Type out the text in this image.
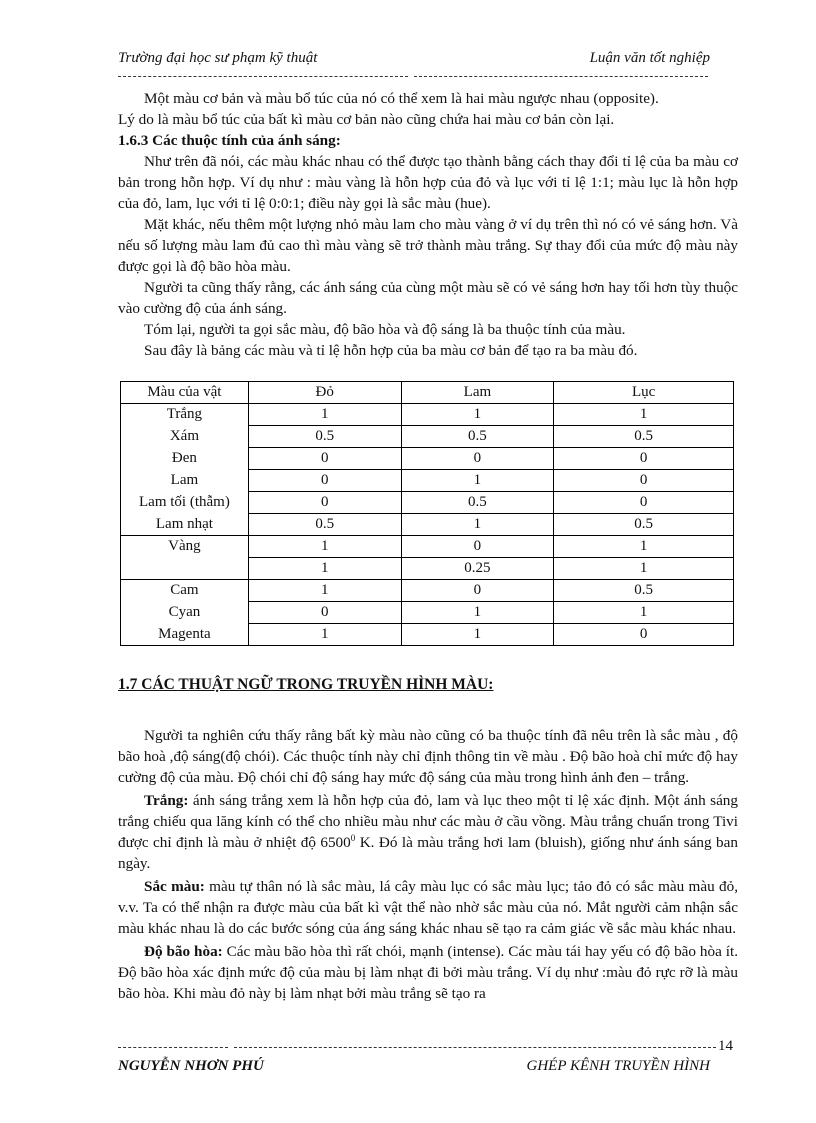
Trường đại học sư phạm kỹ thuật	Luận văn tốt nghiệp

Một màu cơ bản và màu bổ túc của nó có thể xem là hai màu ngược nhau (opposite).

Lý do là màu bổ túc của bất kì màu cơ bản nào cũng chứa hai màu cơ bản còn lại.

1.6.3 Các thuộc tính của ánh sáng:

Như trên đã nói, các màu khác nhau có thể được tạo thành bằng cách thay đổi tỉ lệ của ba màu cơ bản trong hỗn hợp. Ví dụ như : màu vàng là hỗn hợp của đỏ và lục với tỉ lệ 1:1; màu lục là hỗn hợp của đỏ, lam, lục với tỉ lệ 0:0:1; điều này gọi là sắc màu (hue).

Mặt khác, nếu thêm một lượng nhỏ màu lam cho màu vàng ở ví dụ trên thì nó có vẻ sáng hơn. Và nếu số lượng màu lam đủ cao thì màu vàng sẽ trở thành màu trắng. Sự thay đổi của mức độ màu này được gọi là độ bão hòa màu.

Người ta cũng thấy rằng, các ánh sáng của cùng một màu sẽ có vẻ sáng hơn hay tối hơn tùy thuộc vào cường độ của ánh sáng.

Tóm lại, người ta gọi sắc màu, độ bão hòa và độ sáng là ba thuộc tính của màu.

Sau đây là bảng các màu và tỉ lệ hỗn hợp của ba màu cơ bản để tạo ra ba màu đó.

Màu của vật	Đỏ	Lam	Lục
Trắng	1	1	1
Xám	0.5	0.5	0.5
Đen	0	0	0
Lam	0	1	0
Lam tối (thẫm)	0	0.5	0
Lam nhạt	0.5	1	0.5
Vàng	1	0	1
	1	0.25	1
Cam	1	0	0.5
Cyan	0	1	1
Magenta	1	1	0

1.7 CÁC THUẬT NGỮ TRONG TRUYỀN HÌNH MÀU:

Người ta nghiên cứu thấy rằng bất kỳ màu nào cũng có ba thuộc tính đã nêu trên là sắc màu , độ bão hoà ,độ sáng(độ chói). Các thuộc tính này chỉ định thông tin về màu . Độ bão hoà chỉ mức độ hay cường độ của màu. Độ chói chỉ độ sáng hay mức độ sáng của màu trong hình ảnh đen – trắng.

Trắng: ánh sáng trắng xem là hỗn hợp của đỏ, lam và lục theo một tỉ lệ xác định. Một ánh sáng trắng chiếu qua lăng kính có thể cho nhiều màu như các màu ở cầu vồng. Màu trắng chuẩn trong Tivi được chỉ định là màu ở nhiệt độ 6500$^0$ K. Đó là màu trắng hơi lam (bluish), giống như ánh sáng ban ngày.

Sắc màu: màu tự thân nó là sắc màu, lá cây màu lục có sắc màu lục; tảo đỏ có sắc màu màu đỏ, v.v. Ta có thể nhận ra được màu của bất kì vật thể nào nhờ sắc màu của nó. Mắt người cảm nhận sắc màu khác nhau là do các bước sóng của áng sáng khác nhau sẽ tạo ra cảm giác về sắc màu khác nhau.

Độ bão hòa: Các màu bão hòa thì rất chói, mạnh (intense). Các màu tái hay yếu có độ bão hòa ít. Độ bão hòa xác định mức độ của màu bị làm nhạt đi bởi màu trắng. Ví dụ như :màu đỏ rực rỡ là màu bão hòa. Khi màu đỏ này bị làm nhạt bởi màu trắng sẽ tạo ra

14
NGUYỄN NHƠN PHÚ	GHÉP KÊNH TRUYỀN HÌNH
